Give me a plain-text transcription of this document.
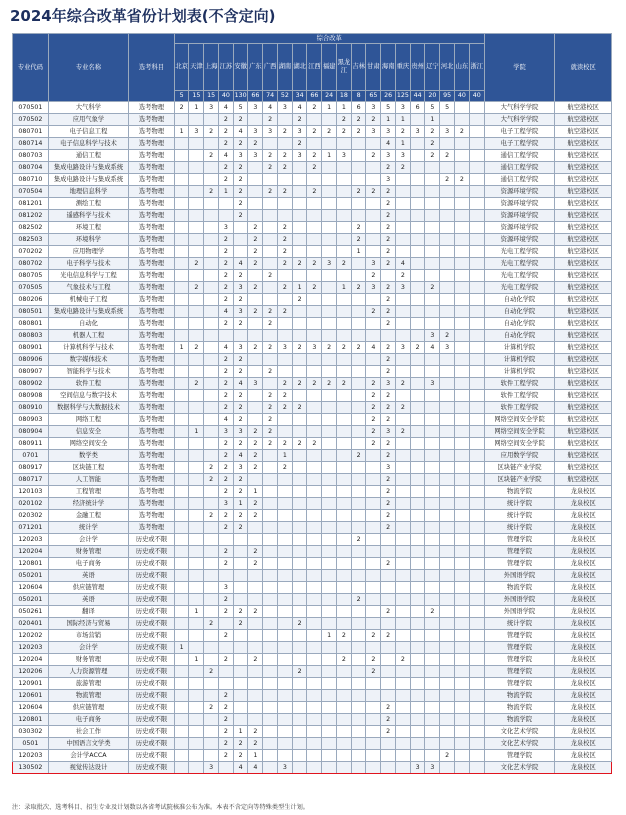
2024年综合改革省份计划表(不含定向)
专业代码	专业名称	选考科目	综合改革																					学院	就读校区
			北京	天津	上海	江苏	安徽	广东	广西	湖南	湖北	江西	福建	黑龙江	吉林	甘肃	海南	重庆	贵州	辽宁	河北	山东	浙江		
			5	15	15	40	130	66	74	52	34	66	24	18	8	65	26	125	44	20	95	40	40		
070501	大气科学	选考物理	2	1	3	4	5	3	4	3	4	2	1	1	6	3	5	3	6	5	5			大气科学学院	航空港校区
070502	应用气象学	选考物理				2	2		2		2			2	2	2	1	1		1				大气科学学院	航空港校区
080701	电子信息工程	选考物理	1	3	2	2	4	3	3	2	3	2	2	2	2	3	3	2	3	2	3	2		电子工程学院	航空港校区
080714	电子信息科学与技术	选考物理				2	2	2			2						4	1		2				电子工程学院	航空港校区
080703	通信工程	选考物理			2	4	3	3	2	2	3	2	1	3		2	3	3		2	2			通信工程学院	航空港校区
080704	集成电路设计与集成系统	选考物理				2	2		2	2		2					2	2						通信工程学院	航空港校区
080710	集成电路设计与集成系统	选考物理				2	2										3				2	2		通信工程学院	航空港校区
070504	地理信息科学	选考物理			2	1	2		2	2		2			2	2	2							资源环境学院	航空港校区
081201	测绘工程	选考物理					2										2							资源环境学院	航空港校区
081202	遥感科学与技术	选考物理					2										2							资源环境学院	航空港校区
082502	环境工程	选考物理				3		2		2					2		2							资源环境学院	航空港校区
082503	环境科学	选考物理				2		2		2					2		2							资源环境学院	航空港校区
070202	应用物理学	选考物理				2		2		2					1		2							光电工程学院	航空港校区
080702	电子科学与技术	选考物理		2		2	4	2		2	2	2	3	2		3	2	4						光电工程学院	航空港校区
080705	光电信息科学与工程	选考物理				2	2		2							2		2						光电工程学院	航空港校区
070505	气象技术与工程	选考物理		2		2	3	2		2	1	2		1	2	3	2	3		2				光电工程学院	航空港校区
080206	机械电子工程	选考物理				2	2				2						2							自动化学院	航空港校区
080501	集成电路设计与集成系统	选考物理				4	3	2	2	2						2	2							自动化学院	航空港校区
080801	自动化	选考物理				2	2		2								2							自动化学院	航空港校区
080803	机器人工程	选考物理																		3	2			自动化学院	航空港校区
080901	计算机科学与技术	选考物理	1	2		4	3	2	2	3	2	3	2	2	2	4	2	3	2	4	3			计算机学院	航空港校区
080906	数字媒体技术	选考物理				2	2										2							计算机学院	航空港校区
080907	智能科学与技术	选考物理				2	2		2								2							计算机学院	航空港校区
080902	软件工程	选考物理		2		2	4	3		2	2	2	2	2		2	3	2		3				软件工程学院	航空港校区
080908	空间信息与数字技术	选考物理				2	2		2	2						2	2							软件工程学院	航空港校区
080910	数据科学与大数据技术	选考物理				2	2		2	2	2					2	2	2						软件工程学院	航空港校区
080903	网络工程	选考物理				4	2		2							2	2							网络空间安全学院	航空港校区
080904	信息安全	选考物理		1		3	3	2	2							2	3	2						网络空间安全学院	航空港校区
080911	网络空间安全	选考物理				2	2	2	2	2	2	2				2	2							网络空间安全学院	航空港校区
0701	数学类	选考物理				2	4	2		1					2		2							应用数学学院	航空港校区
080917	区块链工程	选考物理			2	2	3	2		2							3							区块链产业学院	航空港校区
080717	人工智能	选考物理			2	2	2										2							区块链产业学院	航空港校区
120103	工程管理	选考物理				2	2	1									2							物流学院	龙泉校区
020102	经济统计学	选考物理				3	1	2									2							统计学院	龙泉校区
020302	金融工程	选考物理			2	2	2	2									2							统计学院	龙泉校区
071201	统计学	选考物理				2	2										2							统计学院	龙泉校区
120203	会计学	历史或不限													2									管理学院	龙泉校区
120204	财务管理	历史或不限				2		2																管理学院	龙泉校区
120801	电子商务	历史或不限				2		2									2							管理学院	龙泉校区
050201	英语	历史或不限																						外国语学院	龙泉校区
120604	供应链管理	历史或不限				3																		物流学院	龙泉校区
050201	英语	历史或不限				2									2									外国语学院	龙泉校区
050261	翻译	历史或不限		1		2	2	2									2			2				外国语学院	龙泉校区
020401	国际经济与贸易	历史或不限			2		2				2													统计学院	龙泉校区
120202	市场营销	历史或不限				2							1	2		2	2							管理学院	龙泉校区
120203	会计学	历史或不限	1																					管理学院	龙泉校区
120204	财务管理	历史或不限		1		2		2						2		2		2						管理学院	龙泉校区
120206	人力资源管理	历史或不限			2						2					2								管理学院	龙泉校区
120901	旅游管理	历史或不限																						管理学院	龙泉校区
120601	物流管理	历史或不限				2																		物流学院	龙泉校区
120604	供应链管理	历史或不限			2	2											2							物流学院	龙泉校区
120801	电子商务	历史或不限				2											2							物流学院	龙泉校区
030302	社会工作	历史或不限				2	1	2									2							文化艺术学院	龙泉校区
0501	中国语言文学类	历史或不限				2	2	2																文化艺术学院	龙泉校区
120203	会计学ACCA	历史或不限				2	2	1													2			管理学院	龙泉校区
130502	视觉传达设计	历史或不限			3		4	4		3									3	3				文化艺术学院	龙泉校区
注：录取批次、选考科目、招生专业及计划数以各省考试院核准公布为准。本表不含定向等特殊类型生计划。
